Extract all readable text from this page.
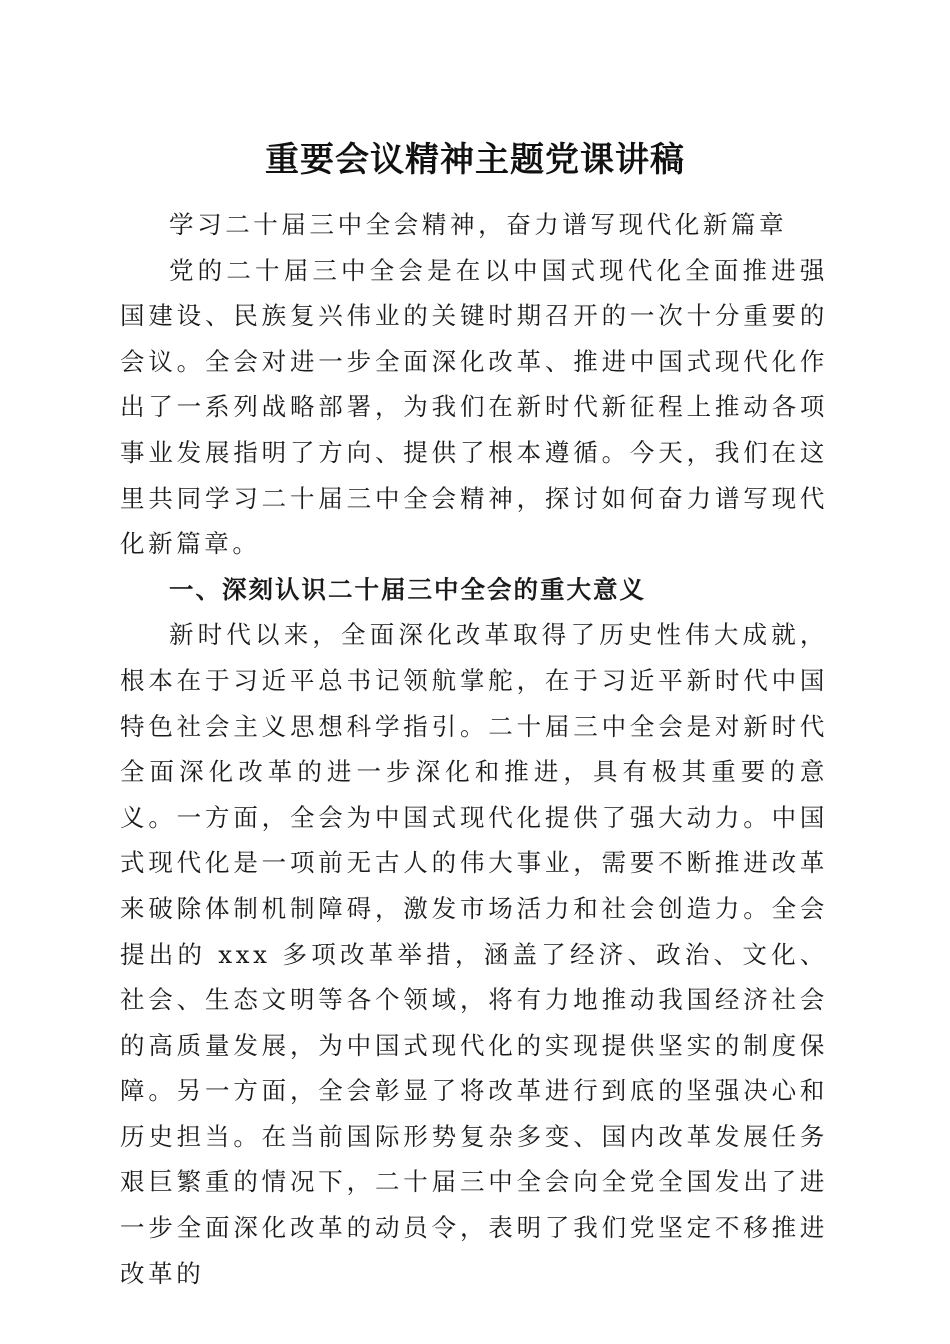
重要会议精神主题党课讲稿

学习二十届三中全会精神，奋力谱写现代化新篇章

党的二十届三中全会是在以中国式现代化全面推进强国建设、民族复兴伟业的关键时期召开的一次十分重要的会议。全会对进一步全面深化改革、推进中国式现代化作出了一系列战略部署，为我们在新时代新征程上推动各项事业发展指明了方向、提供了根本遵循。今天，我们在这里共同学习二十届三中全会精神，探讨如何奋力谱写现代化新篇章。

一、深刻认识二十届三中全会的重大意义

新时代以来，全面深化改革取得了历史性伟大成就，根本在于习近平总书记领航掌舵，在于习近平新时代中国特色社会主义思想科学指引。二十届三中全会是对新时代全面深化改革的进一步深化和推进，具有极其重要的意义。一方面，全会为中国式现代化提供了强大动力。中国式现代化是一项前无古人的伟大事业，需要不断推进改革来破除体制机制障碍，激发市场活力和社会创造力。全会提出的 xxx 多项改革举措，涵盖了经济、政治、文化、社会、生态文明等各个领域，将有力地推动我国经济社会的高质量发展，为中国式现代化的实现提供坚实的制度保障。另一方面，全会彰显了将改革进行到底的坚强决心和历史担当。在当前国际形势复杂多变、国内改革发展任务艰巨繁重的情况下，二十届三中全会向全党全国发出了进一步全面深化改革的动员令，表明了我们党坚定不移推进改革的
